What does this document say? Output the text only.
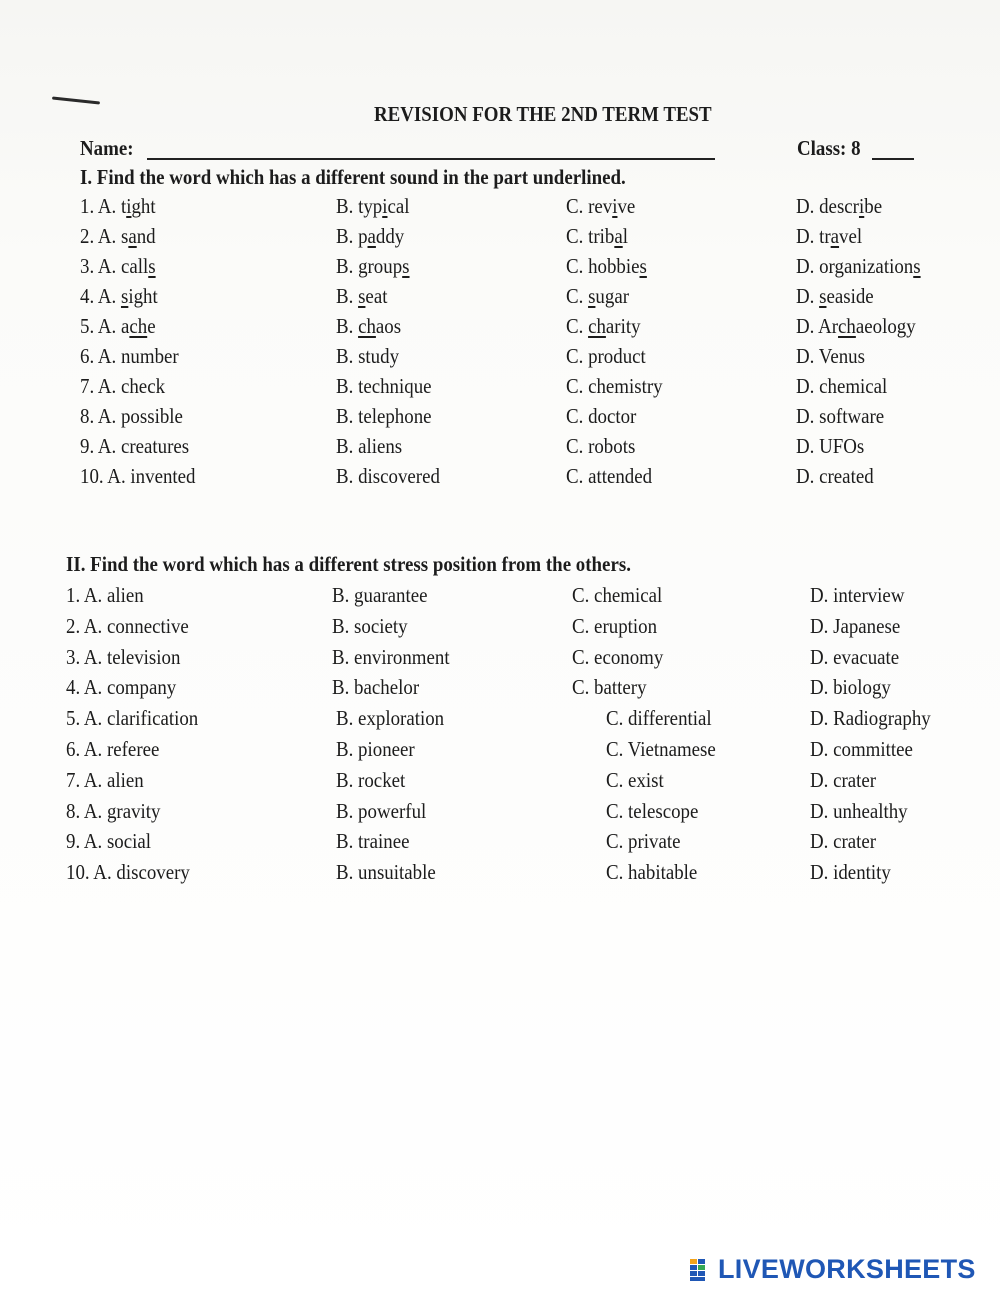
REVISION FOR THE 2ND TERM TEST
Name:	Class: 8
I. Find the word which has a different sound in the part underlined.
1. A. tight	B. typical	C. revive	D. describe
2. A. sand	B. paddy	C. tribal	D. travel
3. A. calls	B. groups	C. hobbies	D. organizations
4. A. sight	B. seat	C. sugar	D. seaside
5. A. ache	B. chaos	C. charity	D. Archaeology
6. A. number	B. study	C. product	D. Venus
7. A. check	B. technique	C. chemistry	D. chemical
8. A. possible	B. telephone	C. doctor	D. software
9. A. creatures	B. aliens	C. robots	D. UFOs
10. A. invented	B. discovered	C. attended	D. created
II. Find the word which has a different stress position from the others.
1. A. alien	B. guarantee	C. chemical	D. interview
2. A. connective	B. society	C. eruption	D. Japanese
3. A. television	B. environment	C. economy	D. evacuate
4. A. company	B. bachelor	C. battery	D. biology
5. A. clarification	B. exploration	C. differential	D. Radiography
6. A. referee	B. pioneer	C. Vietnamese	D. committee
7. A. alien	B. rocket	C. exist	D. crater
8. A. gravity	B. powerful	C. telescope	D. unhealthy
9. A. social	B. trainee	C. private	D. crater
10. A. discovery	B. unsuitable	C. habitable	D. identity
LIVEWORKSHEETS
